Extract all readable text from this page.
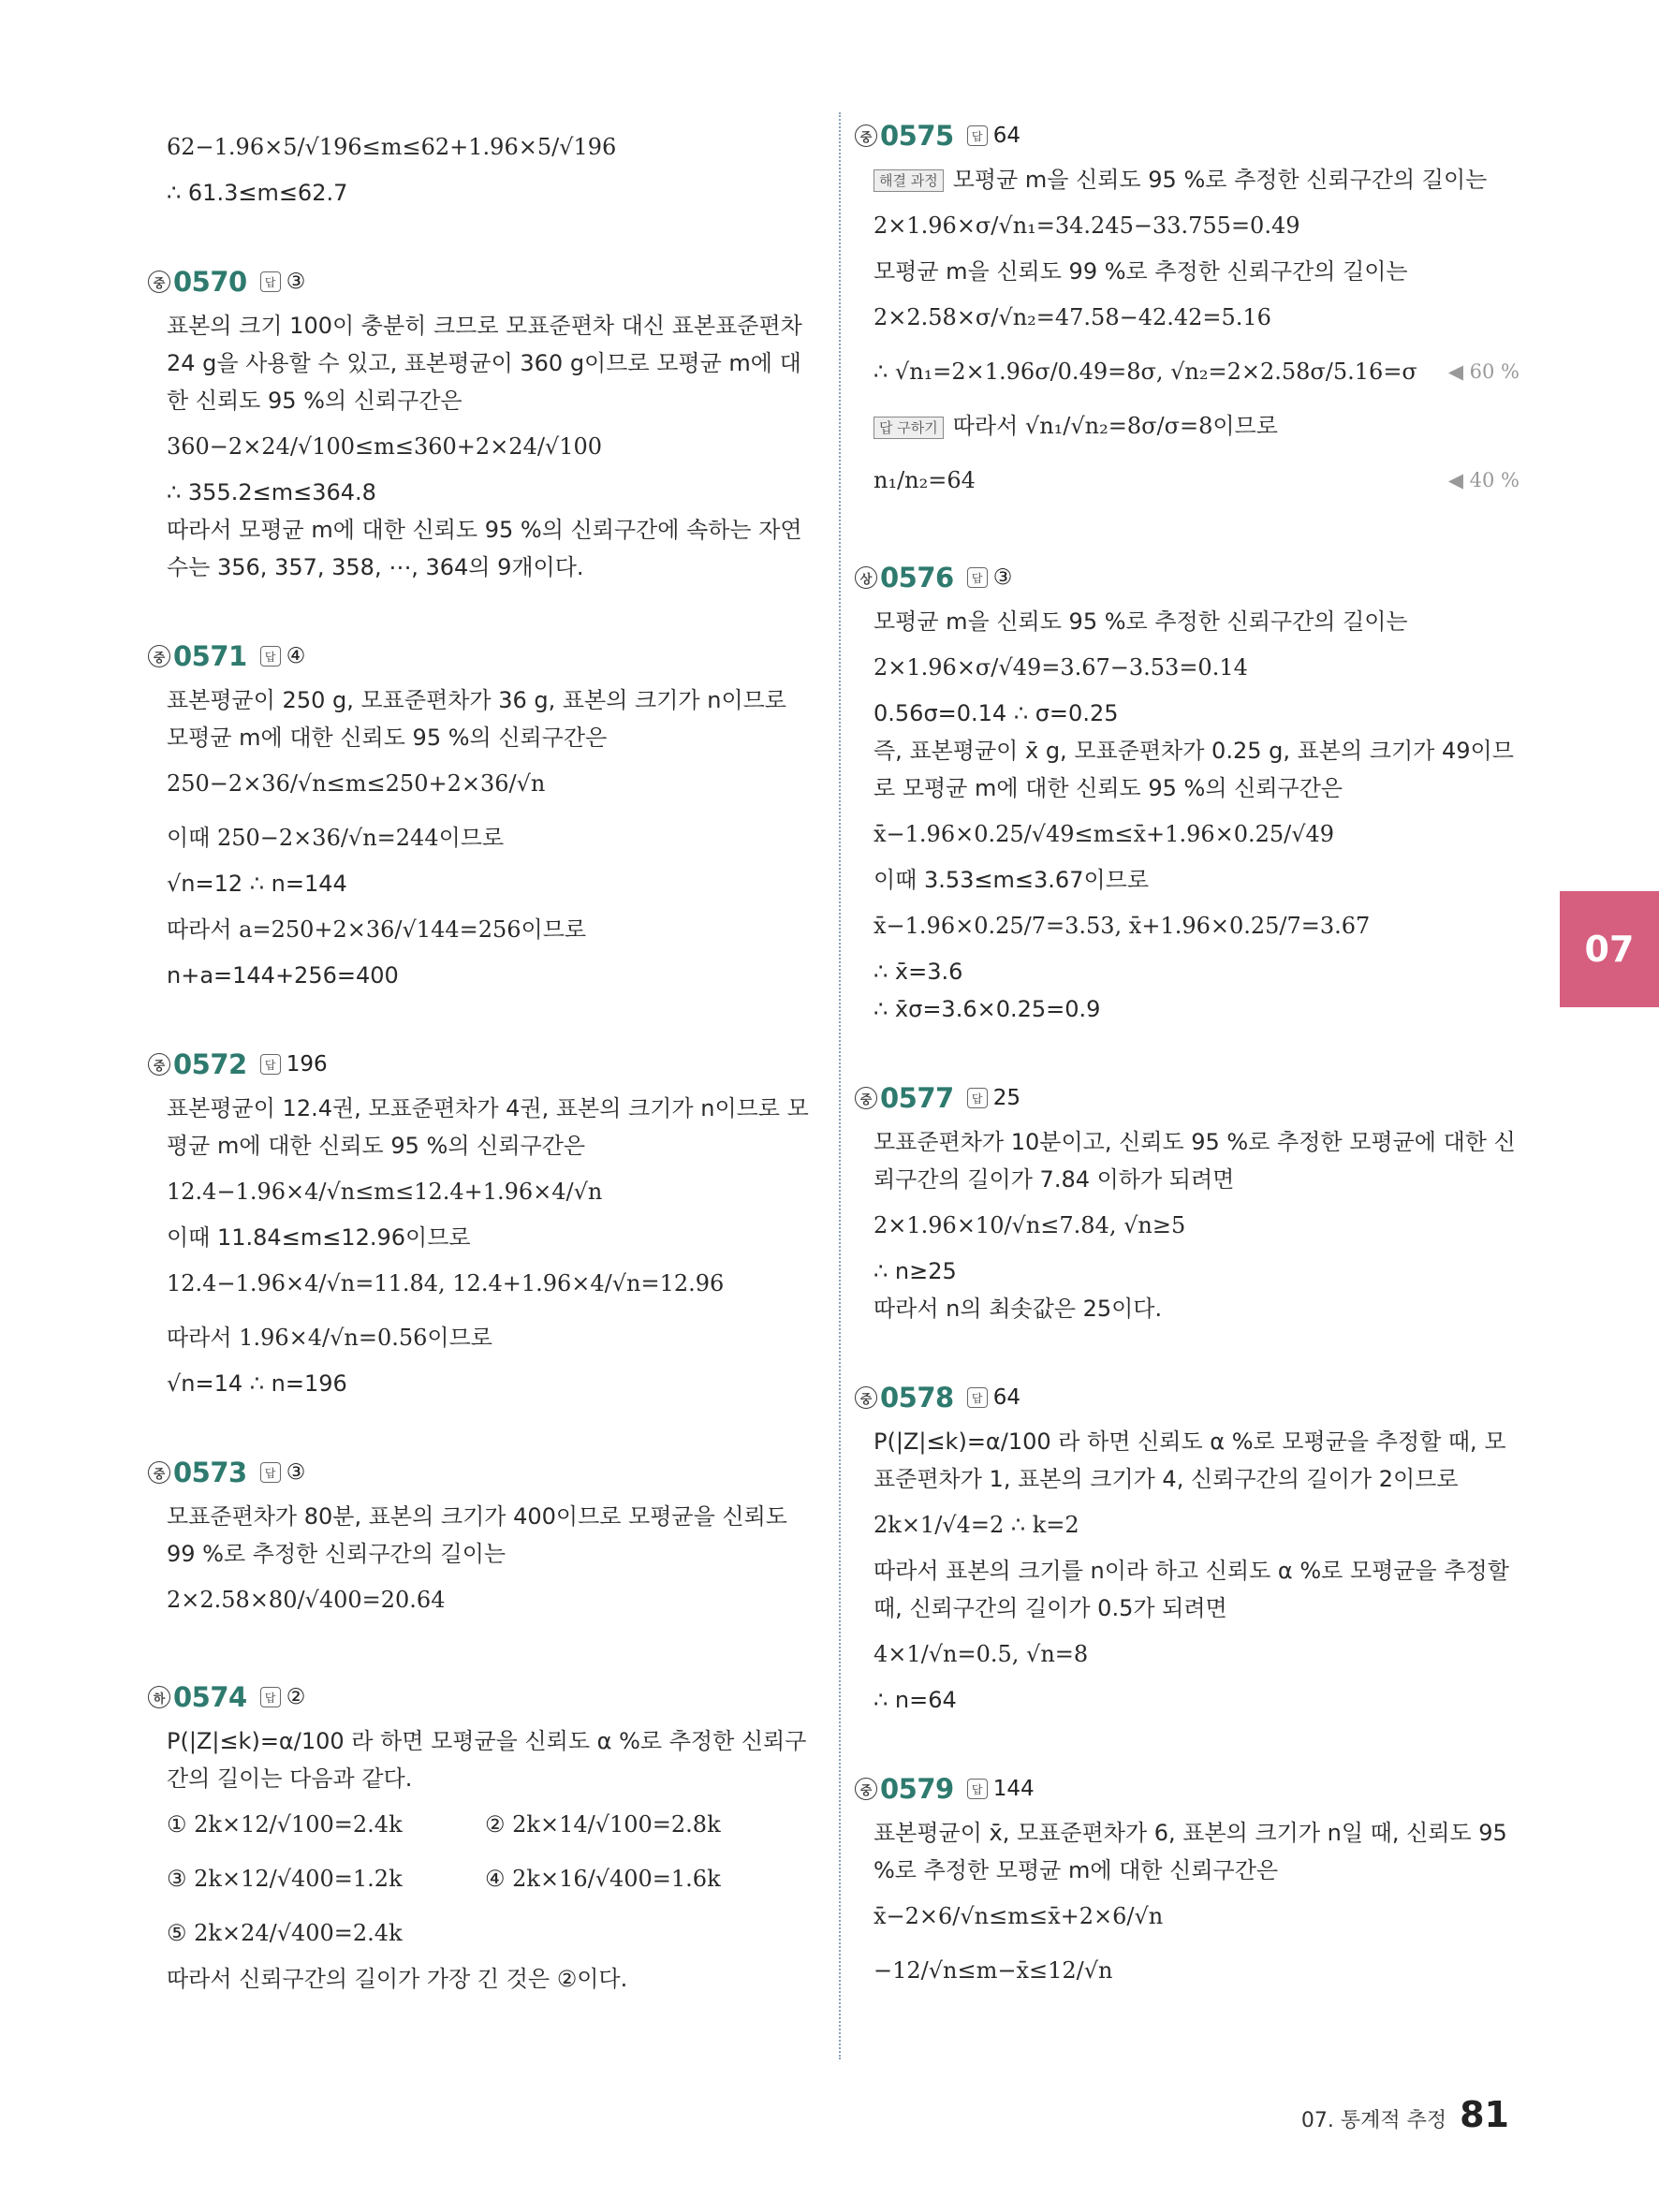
62−1.96×5/√196≤m≤62+1.96×5/√196
∴ 61.3≤m≤62.7
중 0570	답 ③
표본의 크기 100이 충분히 크므로 모표준편차 대신 표본표준편차 24 g을 사용할 수 있고, 표본평균이 360 g이므로 모평균 m에 대한 신뢰도 95 %의 신뢰구간은
360−2×24/√100≤m≤360+2×24/√100
∴ 355.2≤m≤364.8
따라서 모평균 m에 대한 신뢰도 95 %의 신뢰구간에 속하는 자연수는 356, 357, 358, ⋯, 364의 9개이다.
중 0571	답 ④
표본평균이 250 g, 모표준편차가 36 g, 표본의 크기가 n이므로 모평균 m에 대한 신뢰도 95 %의 신뢰구간은
250−2×36/√n≤m≤250+2×36/√n
이때 250−2×36/√n=244이므로
√n=12 ∴ n=144
따라서 a=250+2×36/√144=256이므로
n+a=144+256=400
중 0572	답 196
표본평균이 12.4권, 모표준편차가 4권, 표본의 크기가 n이므로 모평균 m에 대한 신뢰도 95 %의 신뢰구간은
12.4−1.96×4/√n≤m≤12.4+1.96×4/√n
이때 11.84≤m≤12.96이므로
12.4−1.96×4/√n=11.84, 12.4+1.96×4/√n=12.96
따라서 1.96×4/√n=0.56이므로
√n=14 ∴ n=196
중 0573	답 ③
모표준편차가 80분, 표본의 크기가 400이므로 모평균을 신뢰도 99 %로 추정한 신뢰구간의 길이는
2×2.58×80/√400=20.64
하 0574	답 ②
P(|Z|≤k)=α/100 라 하면 모평균을 신뢰도 α %로 추정한 신뢰구간의 길이는 다음과 같다.
① 2k×12/√100=2.4k	② 2k×14/√100=2.8k
③ 2k×12/√400=1.2k	④ 2k×16/√400=1.6k
⑤ 2k×24/√400=2.4k
따라서 신뢰구간의 길이가 가장 긴 것은 ②이다.
중 0575	답 64
해결 과정 모평균 m을 신뢰도 95 %로 추정한 신뢰구간의 길이는
2×1.96×σ/√n₁=34.245−33.755=0.49
모평균 m을 신뢰도 99 %로 추정한 신뢰구간의 길이는
2×2.58×σ/√n₂=47.58−42.42=5.16
∴ √n₁=2×1.96σ/0.49=8σ, √n₂=2×2.58σ/5.16=σ ◀ 60 %
답 구하기 따라서 √n₁/√n₂=8σ/σ=8이므로
n₁/n₂=64	◀ 40 %
상 0576	답 ③
모평균 m을 신뢰도 95 %로 추정한 신뢰구간의 길이는
2×1.96×σ/√49=3.67−3.53=0.14
0.56σ=0.14 ∴ σ=0.25
즉, 표본평균이 x̄ g, 모표준편차가 0.25 g, 표본의 크기가 49이므로 모평균 m에 대한 신뢰도 95 %의 신뢰구간은
x̄−1.96×0.25/√49≤m≤x̄+1.96×0.25/√49
이때 3.53≤m≤3.67이므로
x̄−1.96×0.25/7=3.53, x̄+1.96×0.25/7=3.67
∴ x̄=3.6
∴ x̄σ=3.6×0.25=0.9
중 0577	답 25
모표준편차가 10분이고, 신뢰도 95 %로 추정한 모평균에 대한 신뢰구간의 길이가 7.84 이하가 되려면
2×1.96×10/√n≤7.84, √n≥5
∴ n≥25
따라서 n의 최솟값은 25이다.
중 0578	답 64
P(|Z|≤k)=α/100 라 하면 신뢰도 α %로 모평균을 추정할 때, 모표준편차가 1, 표본의 크기가 4, 신뢰구간의 길이가 2이므로
2k×1/√4=2 ∴ k=2
따라서 표본의 크기를 n이라 하고 신뢰도 α %로 모평균을 추정할 때, 신뢰구간의 길이가 0.5가 되려면
4×1/√n=0.5, √n=8
∴ n=64
중 0579	답 144
표본평균이 x̄, 모표준편차가 6, 표본의 크기가 n일 때, 신뢰도 95 %로 추정한 모평균 m에 대한 신뢰구간은
x̄−2×6/√n≤m≤x̄+2×6/√n
−12/√n≤m−x̄≤12/√n
07
07. 통계적 추정 81
